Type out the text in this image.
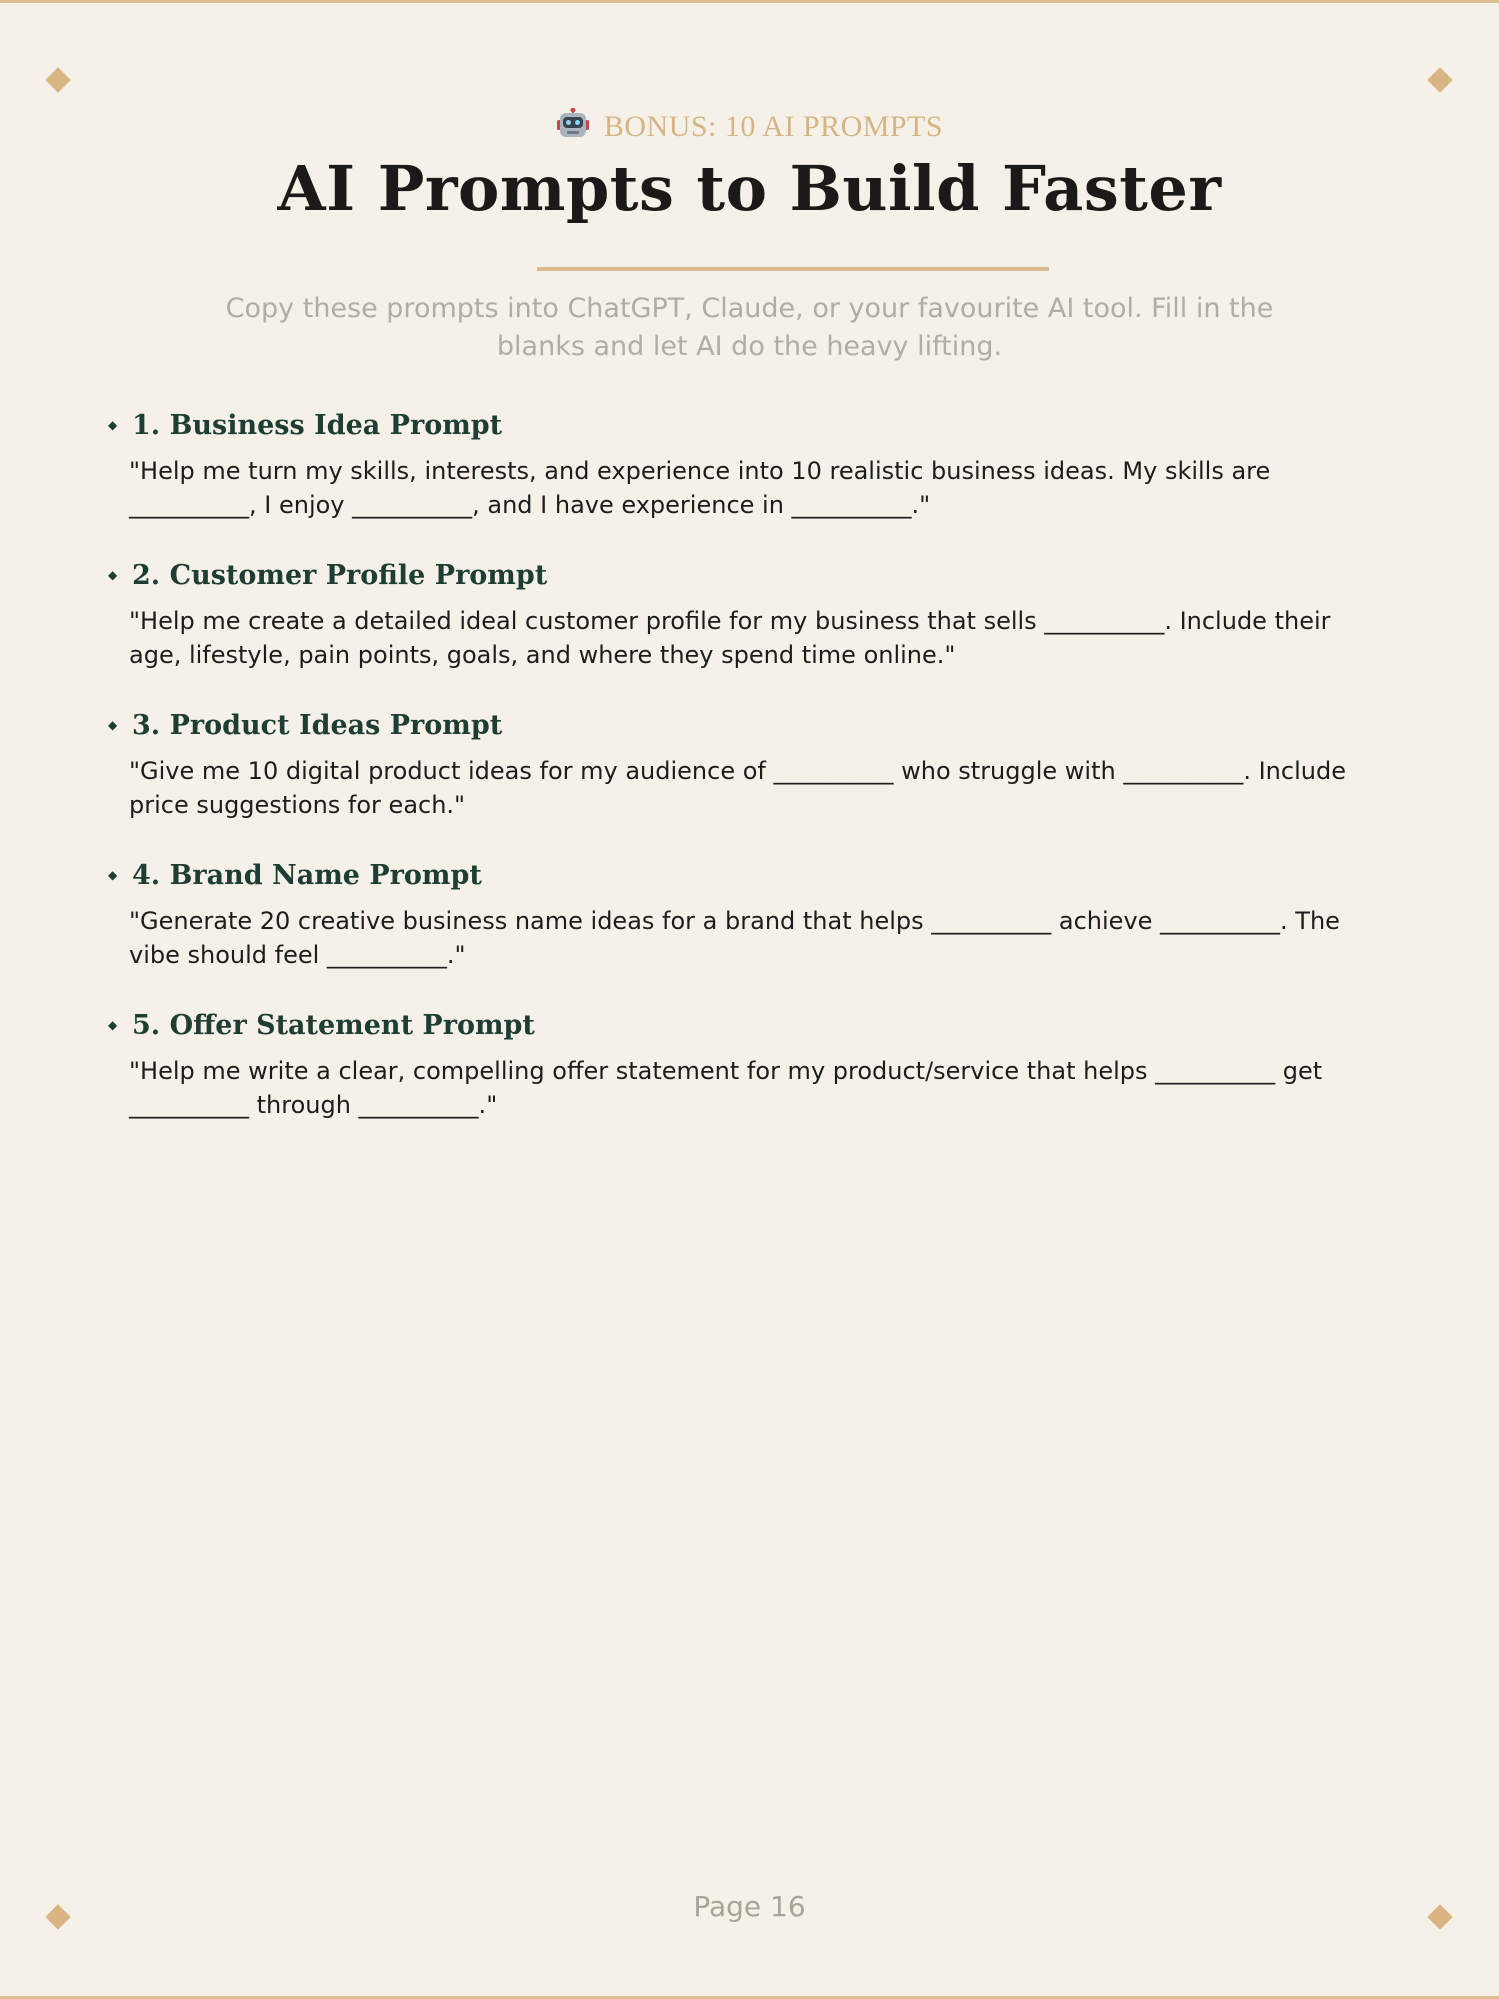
BONUS: 10 AI PROMPTS
AI Prompts to Build Faster
Copy these prompts into ChatGPT, Claude, or your favourite AI tool. Fill in the
blanks and let AI do the heavy lifting.
◆ 1. Business Idea Prompt
"Help me turn my skills, interests, and experience into 10 realistic business ideas. My skills are __________, I enjoy __________, and I have experience in __________."
◆ 2. Customer Profile Prompt
"Help me create a detailed ideal customer profile for my business that sells __________. Include their age, lifestyle, pain points, goals, and where they spend time online."
◆ 3. Product Ideas Prompt
"Give me 10 digital product ideas for my audience of __________ who struggle with __________. Include price suggestions for each."
◆ 4. Brand Name Prompt
"Generate 20 creative business name ideas for a brand that helps __________ achieve __________. The vibe should feel __________."
◆ 5. Offer Statement Prompt
"Help me write a clear, compelling offer statement for my product/service that helps __________ get __________ through __________."
Page 16
